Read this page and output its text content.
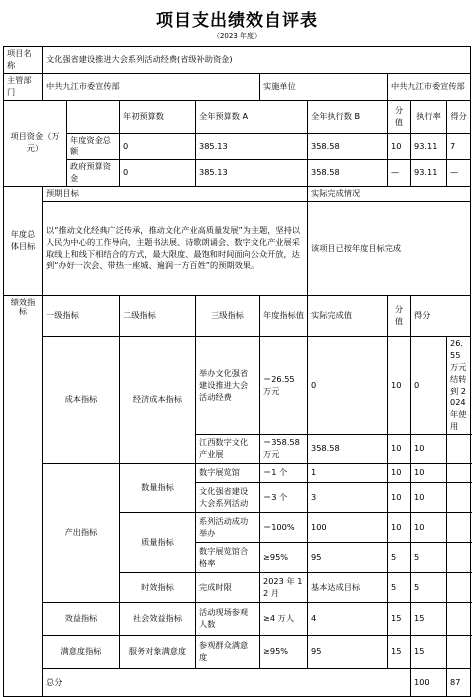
项目支出绩效自评表
（2023 年度）
项目名称	文化强省建设推进大会系列活动经费(省级补助资金)									
主管部门	中共九江市委宣传部				实施单位		中共九江市委宣传部			
项目资金（万元）			年初预算数	全年预算数 A		全年执行数 B	分值	执行率	得分	
		年度资金总额	0	385.13		358.58	10	93.11	7	
		政府预算资金	0	385.13		358.58	—	93.11	—	
年度总体目标	预期目标					实际完成情况				
	以“推动文化经典广泛传承，推动文化产业高质量发展”为主题，坚持以人民为中心的工作导向，主题书法展、诗歌朗诵会、数字文化产业展采取线上和线下相结合的方式，最大限度、最饱和时间面向公众开放，达到“办好一次会、带热一座城、遍润一方百姓”的预期效果。					该项目已按年度目标完成				
绩效指标	一级指标		二级指标	三级指标	年度指标值	实际完成值	分值	得分		
	成本指标		经济成本指标	举办文化强省建设推进大会活动经费	＝26.55 万元	0	10	0	26.55 万元结转到 2024 年使用	
				江西数字文化产业展	＝358.58 万元	358.58	10	10		
	产出指标		数量指标	数字展览馆	＝1 个	1	10	10		
				文化强省建设大会系列活动	＝3 个	3	10	10		
			质量指标	系列活动成功举办	＝100%	100	10	10		
				数字展览馆合格率	≥95%	95	5	5		
			时效指标	完成时限	2023 年 12 月	基本达成目标	5	5		
	效益指标		社会效益指标	活动现场参观人数	≥4 万人	4	15	15		
	满意度指标		服务对象满意度	参观群众满意度	≥95%	95	15	15		
	总分							100	87	
